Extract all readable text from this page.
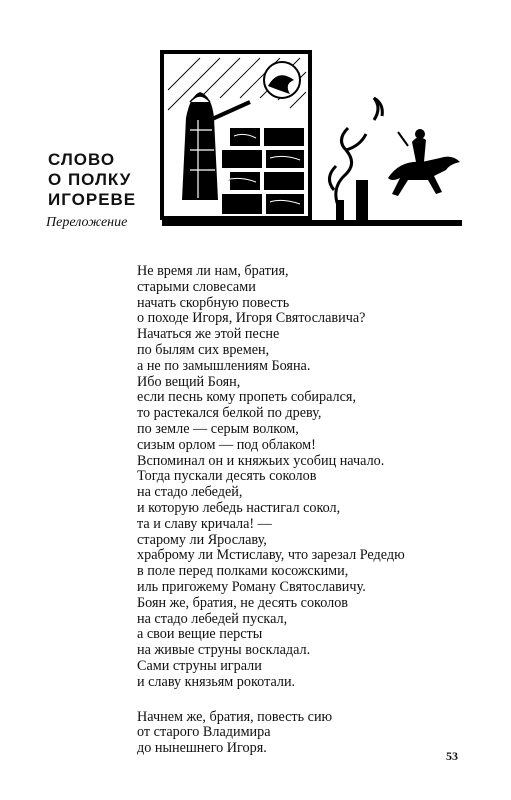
СЛОВО
О ПОЛКУ
ИГОРЕВЕ
Переложение
Не время ли нам, братия,
старыми словесами
начать скорбную повесть
о походе Игоря, Игоря Святославича?
Начаться же этой песне
по былям сих времен,
а не по замышлениям Бояна.
Ибо вещий Боян,
если песнь кому пропеть собирался,
то растекался белкой по древу,
по земле — серым волком,
сизым орлом — под облаком!
Вспоминал он и княжьих усобиц начало.
Тогда пускали десять соколов
на стадо лебедей,
и которую лебедь настигал сокол,
та и славу кричала! —
старому ли Ярославу,
храброму ли Мстиславу, что зарезал Редедю
в поле перед полками косожскими,
иль пригожему Роману Святославичу.
Боян же, братия, не десять соколов
на стадо лебедей пускал,
а свои вещие персты
на живые струны воскладал.
Сами струны играли
и славу князьям рокотали.
Начнем же, братия, повесть сию
от старого Владимира
до нынешнего Игоря.	53
